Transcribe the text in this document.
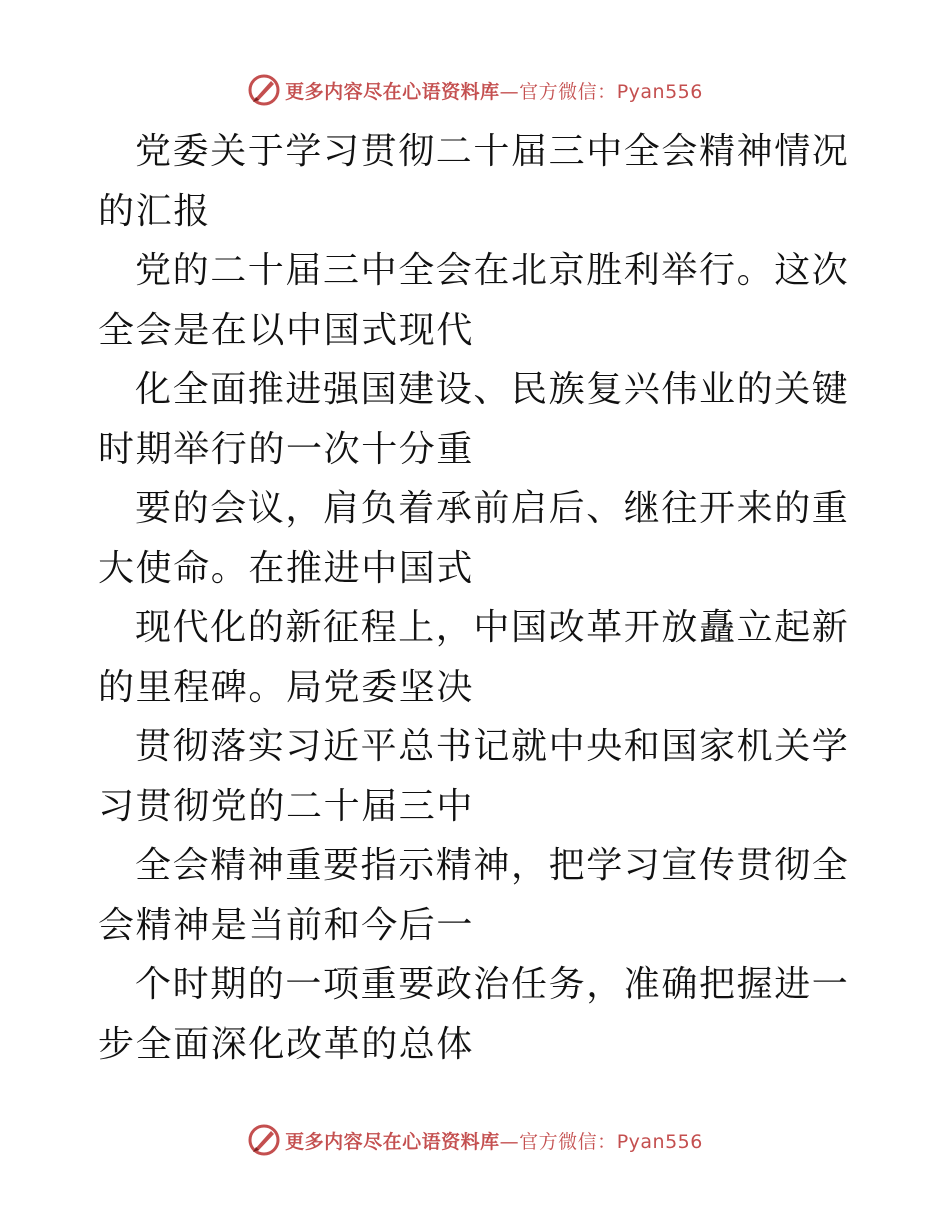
更多内容尽在心语资料库—官方微信：Pyan556

党委关于学习贯彻二十届三中全会精神情况的汇报

党的二十届三中全会在北京胜利举行。这次全会是在以中国式现代

化全面推进强国建设、民族复兴伟业的关键时期举行的一次十分重

要的会议，肩负着承前启后、继往开来的重大使命。在推进中国式

现代化的新征程上，中国改革开放矗立起新的里程碑。局党委坚决

贯彻落实习近平总书记就中央和国家机关学习贯彻党的二十届三中

全会精神重要指示精神，把学习宣传贯彻全会精神是当前和今后一

个时期的一项重要政治任务，准确把握进一步全面深化改革的总体

更多内容尽在心语资料库—官方微信：Pyan556
